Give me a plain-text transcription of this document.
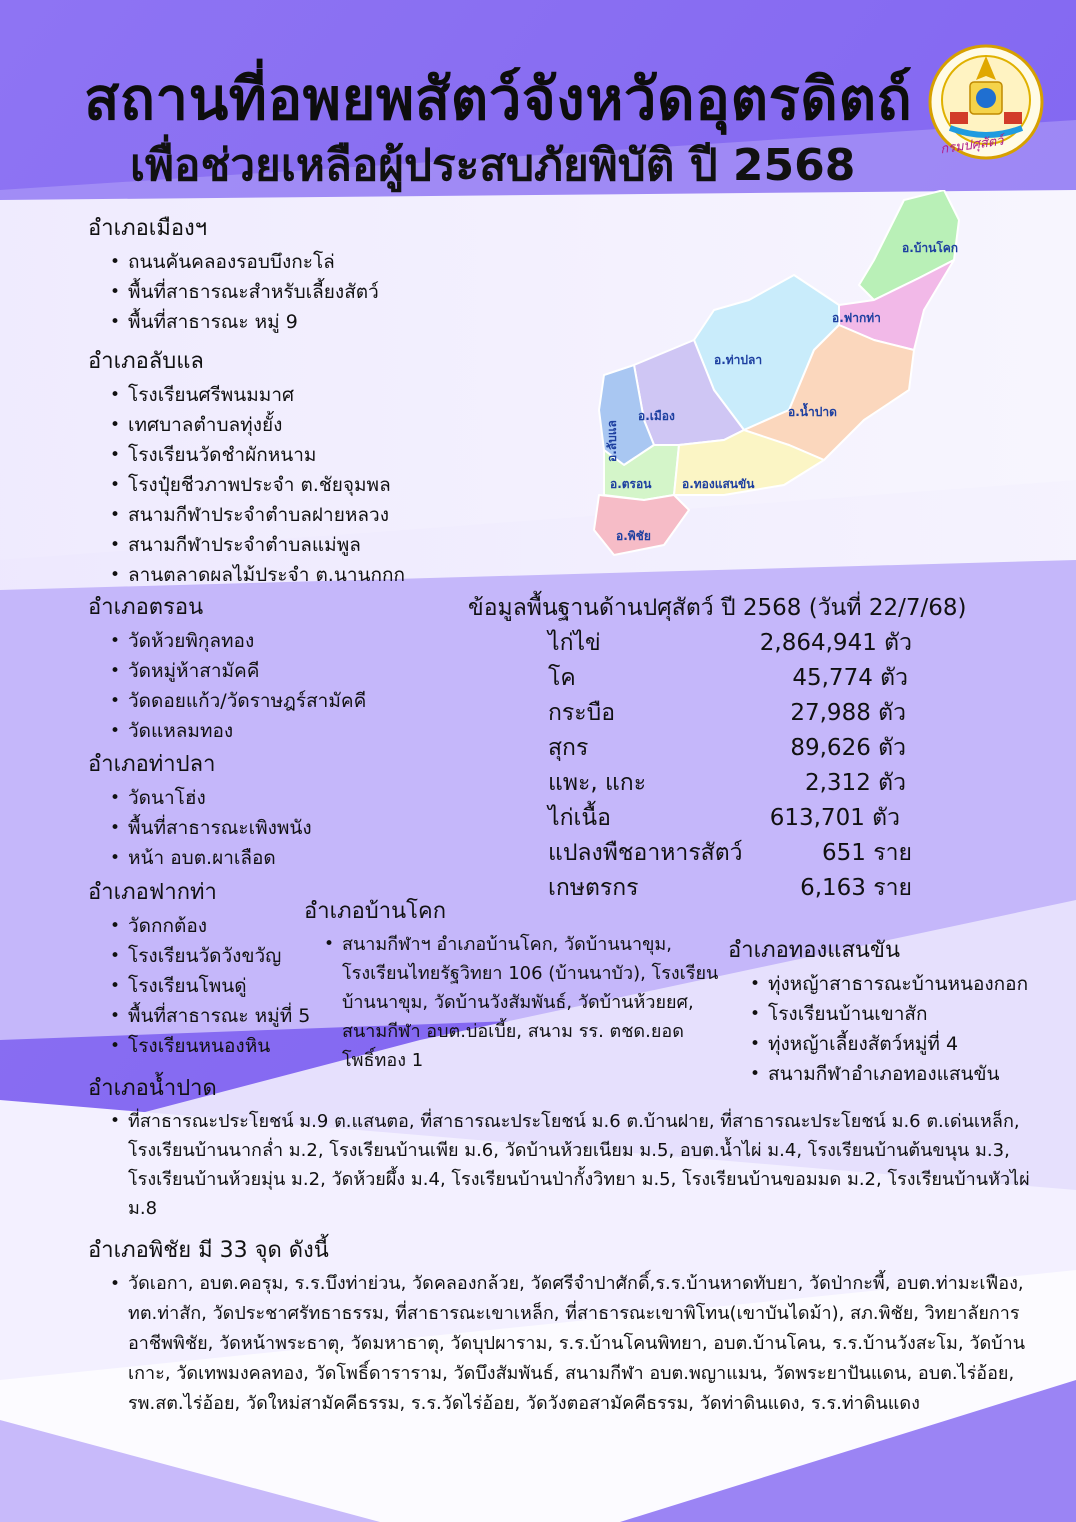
สถานที่อพยพสัตว์จังหวัดอุตรดิตถ์
เพื่อช่วยเหลือผู้ประสบภัยพิบัติ ปี 2568	กรมปศุสัตว์
อ.บ้านโคก
อ.ฟากท่า
อ.ท่าปลา
อ.น้ำปาด
อ.เมือง
อ.ลับแล
อ.ตรอน	อ.ทองแสนขัน
อ.พิชัย
อำเภอเมืองฯ
• ถนนคันคลองรอบบึงกะโล่
• พื้นที่สาธารณะสำหรับเลี้ยงสัตว์
• พื้นที่สาธารณะ หมู่ 9
อำเภอลับแล
• โรงเรียนศรีพนมมาศ
• เทศบาลตำบลทุ่งยั้ง
• โรงเรียนวัดชำผักหนาม
• โรงปุ๋ยชีวภาพประจำ ต.ชัยจุมพล
• สนามกีฬาประจำตำบลฝายหลวง
• สนามกีฬาประจำตำบลแม่พูล
• ลานตลาดผลไม้ประจำ ต.นานกกก
อำเภอตรอน
• วัดห้วยพิกุลทอง
• วัดหมู่ห้าสามัคคี
• วัดดอยแก้ว/วัดราษฎร์สามัคคี
• วัดแหลมทอง
อำเภอท่าปลา
• วัดนาโฮ่ง
• พื้นที่สาธารณะเพิงพนัง
• หน้า อบต.ผาเลือด
อำเภอฟากท่า
• วัดกกต้อง
• โรงเรียนวัดวังขวัญ
• โรงเรียนโพนดู่
• พื้นที่สาธารณะ หมู่ที่ 5
• โรงเรียนหนองหิน
ข้อมูลพื้นฐานด้านปศุสัตว์ ปี 2568 (วันที่ 22/7/68)
ไก่ไข่	2,864,941 ตัว
โค	45,774 ตัว
กระบือ	27,988 ตัว
สุกร	89,626 ตัว
แพะ, แกะ	2,312 ตัว
ไก่เนื้อ	613,701 ตัว
แปลงพืชอาหารสัตว์	651 ราย
เกษตรกร	6,163 ราย
อำเภอบ้านโคก
• สนามกีฬาฯ อำเภอบ้านโคก, วัดบ้านนาขุม, โรงเรียนไทยรัฐวิทยา 106 (บ้านนาบัว), โรงเรียนบ้านนาขุม, วัดบ้านวังสัมพันธ์, วัดบ้านห้วยยศ, สนามกีฬา อบต.บ่อเบี้ย, สนาม รร. ตชด.ยอดโพธิ์ทอง 1
อำเภอทองแสนขัน
• ทุ่งหญ้าสาธารณะบ้านหนองกอก
• โรงเรียนบ้านเขาสัก
• ทุ่งหญ้าเลี้ยงสัตว์หมู่ที่ 4
• สนามกีฬาอำเภอทองแสนขัน
อำเภอน้ำปาด
• ที่สาธารณะประโยชน์ ม.9 ต.แสนตอ, ที่สาธารณะประโยชน์ ม.6 ต.บ้านฝาย, ที่สาธารณะประโยชน์ ม.6 ต.เด่นเหล็ก, โรงเรียนบ้านนากล่ำ ม.2, โรงเรียนบ้านเพีย ม.6, วัดบ้านห้วยเนียม ม.5, อบต.น้ำไผ่ ม.4, โรงเรียนบ้านต้นขนุน ม.3, โรงเรียนบ้านห้วยมุ่น ม.2, วัดห้วยผึ้ง ม.4, โรงเรียนบ้านป่ากั้งวิทยา ม.5, โรงเรียนบ้านขอมมด ม.2, โรงเรียนบ้านหัวไผ่ ม.8
อำเภอพิชัย มี 33 จุด ดังนี้
• วัดเอกา, อบต.คอรุม, ร.ร.บึงท่าย่วน, วัดคลองกล้วย, วัดศรีจำปาศักดิ์,ร.ร.บ้านหาดทับยา, วัดป่ากะพี้, อบต.ท่ามะเฟือง, ทต.ท่าสัก, วัดประชาศรัทธาธรรม, ที่สาธารณะเขาเหล็ก, ที่สาธารณะเขาพิโทน(เขาบันไดม้า), สภ.พิชัย, วิทยาลัยการอาชีพพิชัย, วัดหน้าพระธาตุ, วัดมหาธาตุ, วัดบุปผาราม, ร.ร.บ้านโคนพิทยา, อบต.บ้านโคน, ร.ร.บ้านวังสะโม, วัดบ้านเกาะ, วัดเทพมงคลทอง, วัดโพธิ์ดาราราม, วัดบึงสัมพันธ์, สนามกีฬา อบต.พญาแมน, วัดพระยาปันแดน, อบต.ไร่อ้อย, รพ.สต.ไร่อ้อย, วัดใหม่สามัคคีธรรม, ร.ร.วัดไร่อ้อย, วัดวังตอสามัคคีธรรม, วัดท่าดินแดง, ร.ร.ท่าดินแดง
